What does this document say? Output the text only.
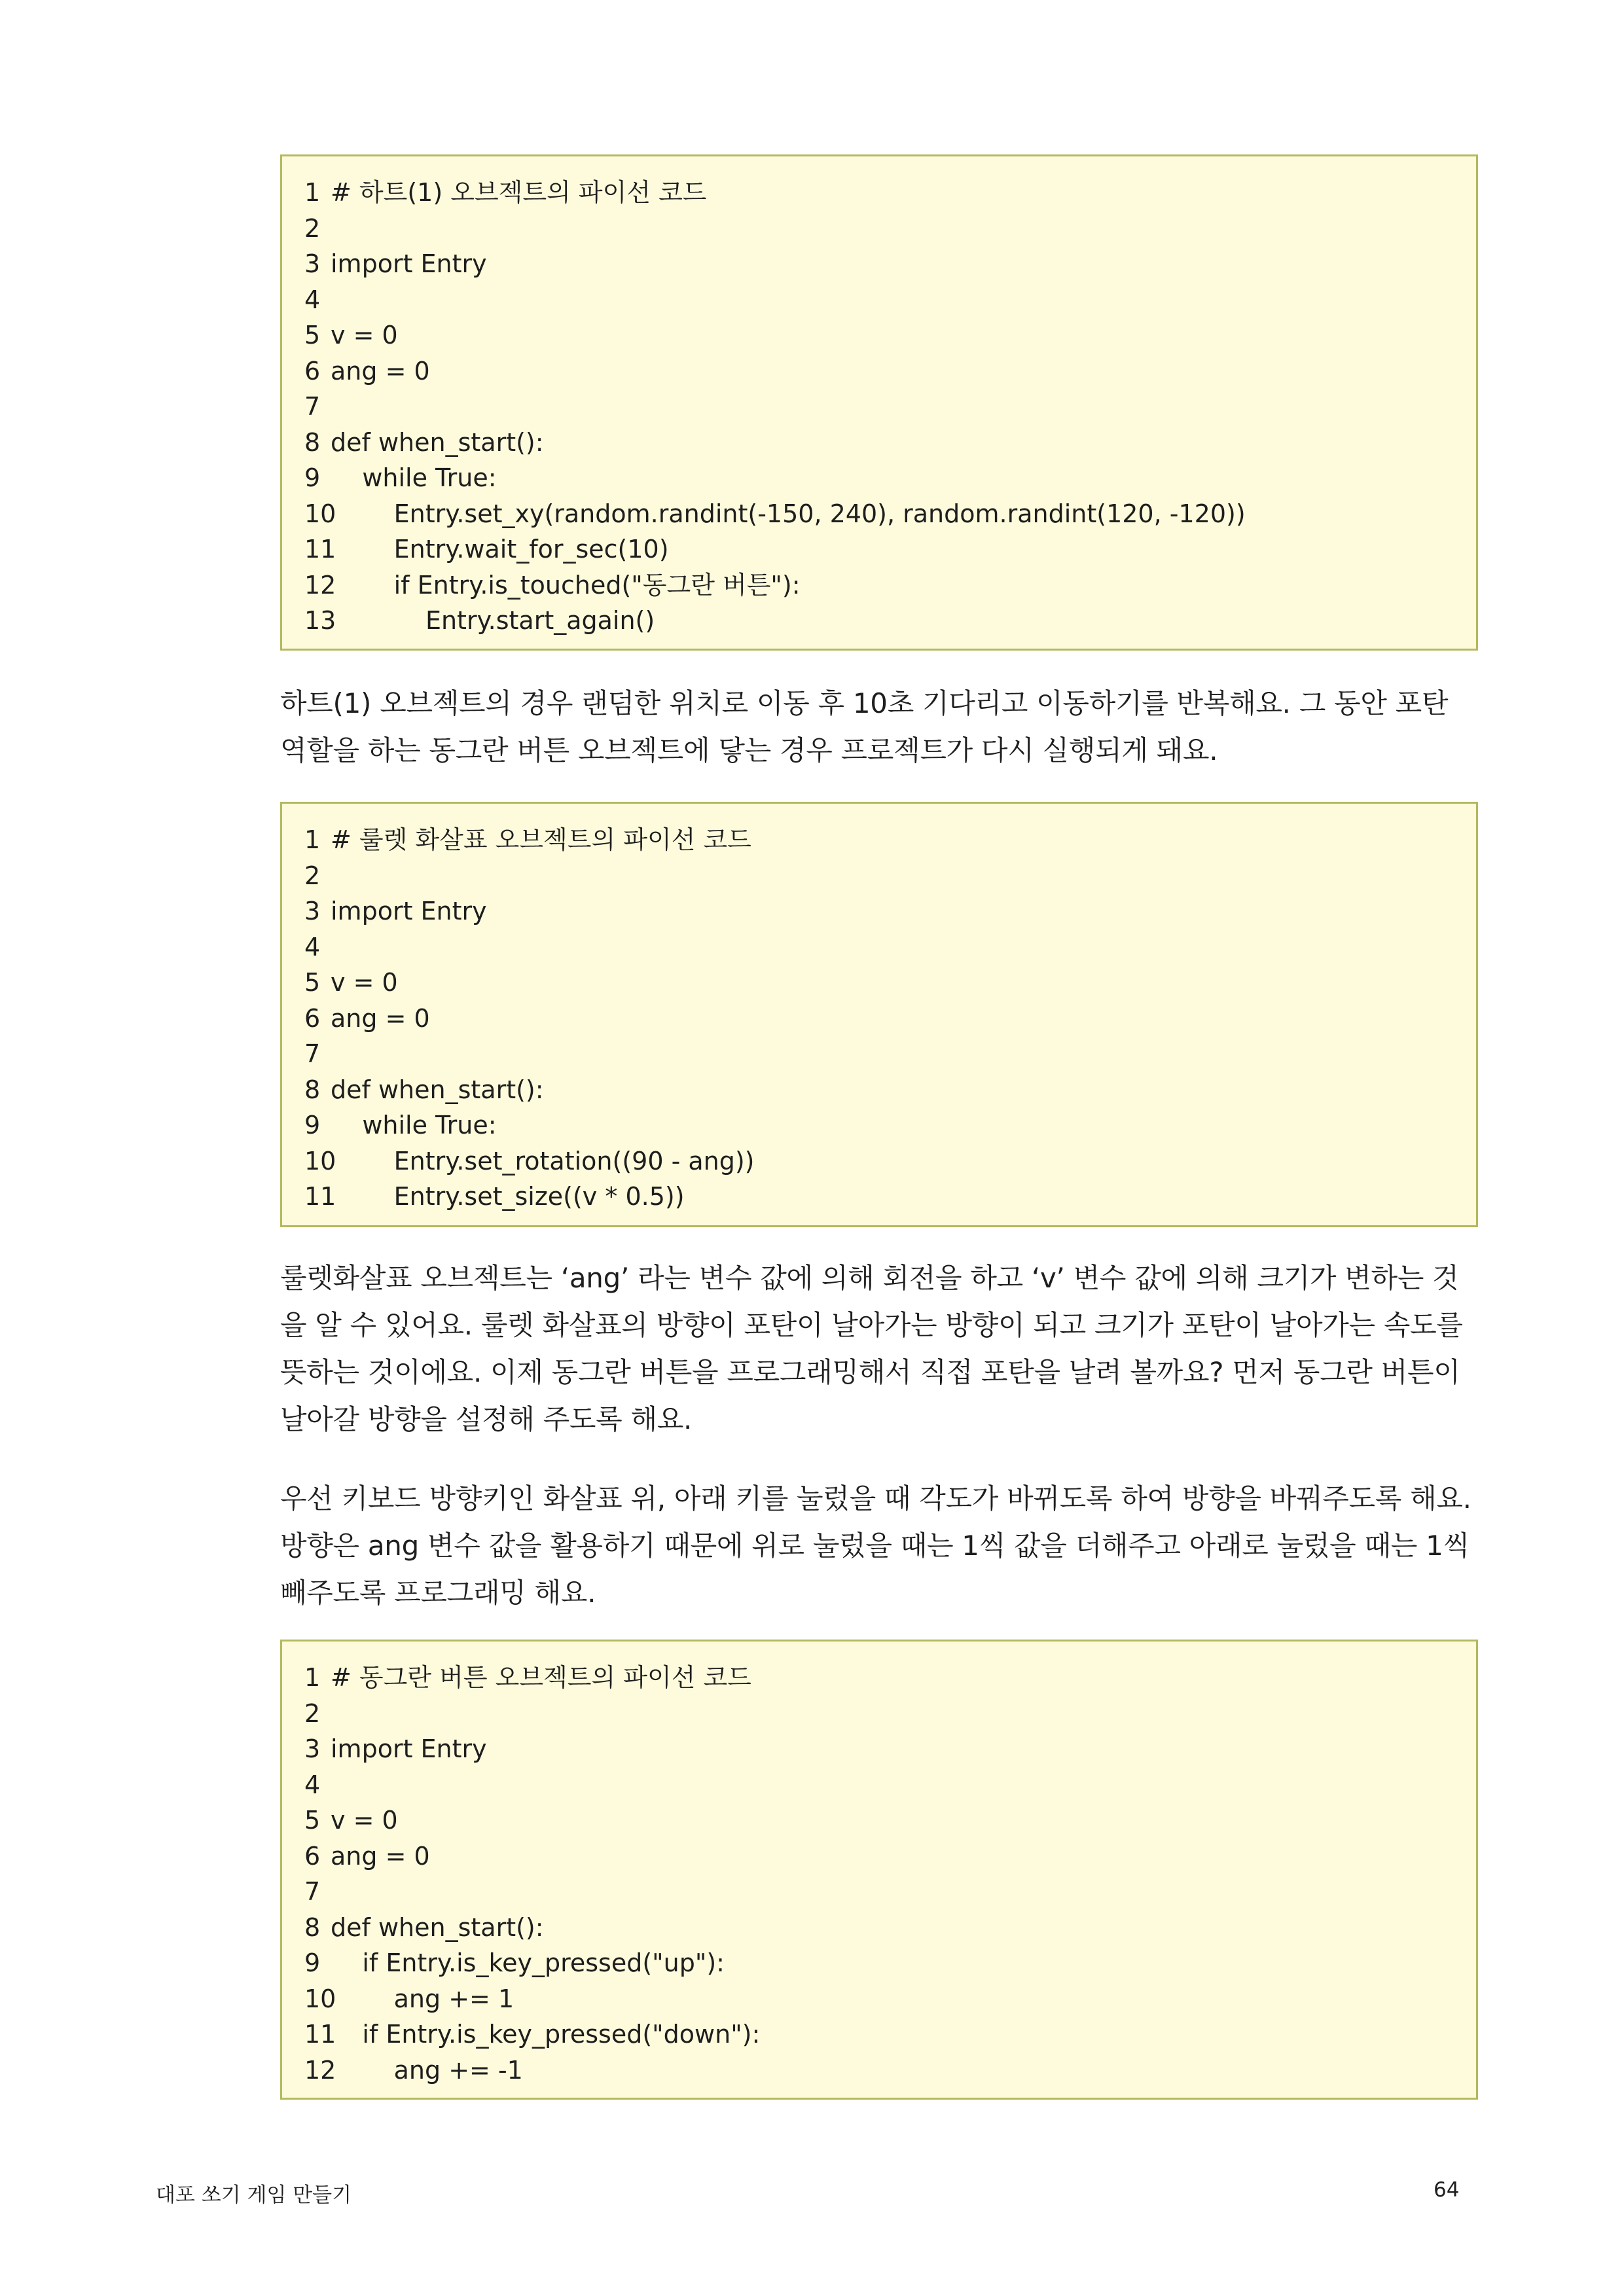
1 # 하트(1) 오브젝트의 파이선 코드
2
3 import Entry
4
5 v = 0
6 ang = 0
7
8 def when_start():
9 while True:
10
Entry.set_xy(random.randint(-150, 240), random.randint(120, -120))
11
Entry.wait_for_sec(10)
12
if Entry.is_touched("동그란 버튼"):
13
Entry.start_again()

하트(1) 오브젝트의 경우 랜덤한 위치로 이동 후 10초 기다리고 이동하기를 반복해요. 그 동안 포탄 역할을 하는 동그란 버튼 오브젝트에 닿는 경우 프로젝트가 다시 실행되게 돼요.

1 # 룰렛 화살표 오브젝트의 파이선 코드
2
3 import Entry
4
5 v = 0
6 ang = 0
7
8 def when_start():
9 while True:
10
Entry.set_rotation((90 - ang))
11
Entry.set_size((v * 0.5))

룰렛화살표 오브젝트는 ‘ang’ 라는 변수 값에 의해 회전을 하고 ‘v’ 변수 값에 의해 크기가 변하는 것을 알 수 있어요. 룰렛 화살표의 방향이 포탄이 날아가는 방향이 되고 크기가 포탄이 날아가는 속도를 뜻하는 것이에요. 이제 동그란 버튼을 프로그래밍해서 직접 포탄을 날려 볼까요? 먼저 동그란 버튼이 날아갈 방향을 설정해 주도록 해요.

우선 키보드 방향키인 화살표 위, 아래 키를 눌렀을 때 각도가 바뀌도록 하여 방향을 바꿔주도록 해요. 방향은 ang 변수 값을 활용하기 때문에 위로 눌렀을 때는 1씩 값을 더해주고 아래로 눌렀을 때는 1씩 빼주도록 프로그래밍 해요.

1 # 동그란 버튼 오브젝트의 파이선 코드
2
3 import Entry
4
5 v = 0
6 ang = 0
7
8 def when_start():
9 if Entry.is_key_pressed("up"):
10
ang += 1
11
if Entry.is_key_pressed("down"):
12
ang += -1
대포 쏘기 게임 만들기	64
